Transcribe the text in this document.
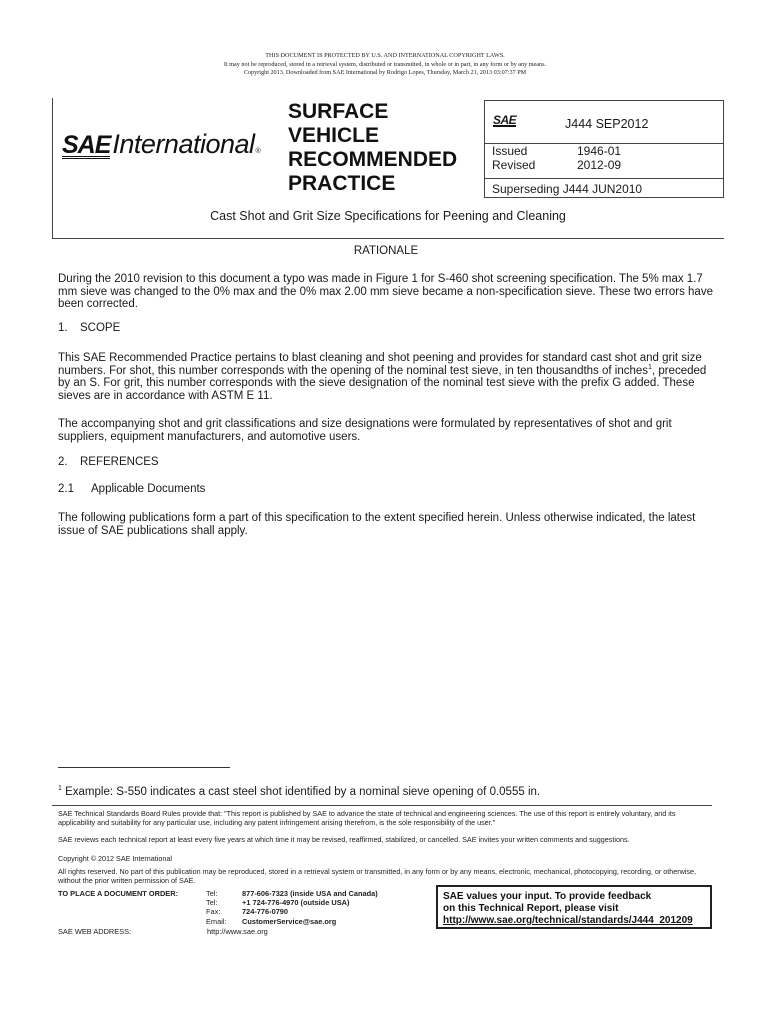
THIS DOCUMENT IS PROTECTED BY U.S. AND INTERNATIONAL COPYRIGHT LAWS.
It may not be reproduced, stored in a retrieval system, distributed or transmitted, in whole or in part, in any form or by any means.
Copyright 2013. Downloaded from SAE International by Rodrigo Lopes, Thursday, March 21, 2013 03:07:37 PM
SAE International ®
SURFACE
VEHICLE
RECOMMENDED
PRACTICE
SAE	J444 SEP2012
Issued	1946-01
Revised	2012-09
Superseding J444 JUN2010
Cast Shot and Grit Size Specifications for Peening and Cleaning
RATIONALE
During the 2010 revision to this document a typo was made in Figure 1 for S-460 shot screening specification. The 5% max 1.7 mm sieve was changed to the 0% max and the 0% max 2.00 mm sieve became a non-specification sieve. These two errors have been corrected.
1. SCOPE
This SAE Recommended Practice pertains to blast cleaning and shot peening and provides for standard cast shot and grit size numbers. For shot, this number corresponds with the opening of the nominal test sieve, in ten thousandths of inches$^1$, preceded by an S. For grit, this number corresponds with the sieve designation of the nominal test sieve with the prefix G added. These sieves are in accordance with ASTM E 11.
The accompanying shot and grit classifications and size designations were formulated by representatives of shot and grit suppliers, equipment manufacturers, and automotive users.
2. REFERENCES
2.1 Applicable Documents
The following publications form a part of this specification to the extent specified herein. Unless otherwise indicated, the latest issue of SAE publications shall apply.
$^1$ Example: S-550 indicates a cast steel shot identified by a nominal sieve opening of 0.0555 in.
SAE Technical Standards Board Rules provide that: "This report is published by SAE to advance the state of technical and engineering sciences. The use of this report is entirely voluntary, and its applicability and suitability for any particular use, including any patent infringement arising therefrom, is the sole responsibility of the user."
SAE reviews each technical report at least every five years at which time it may be revised, reaffirmed, stabilized, or cancelled. SAE invites your written comments and suggestions.
Copyright © 2012 SAE International
All rights reserved. No part of this publication may be reproduced, stored in a retrieval system or transmitted, in any form or by any means, electronic, mechanical, photocopying, recording, or otherwise, without the prior written permission of SAE.
TO PLACE A DOCUMENT ORDER:	Tel:	877-606-7323 (inside USA and Canada)
Tel:	+1 724-776-4970 (outside USA)
Fax:	724-776-0790
Email:	CustomerService@sae.org
SAE WEB ADDRESS:	http://www.sae.org
SAE values your input. To provide feedback
on this Technical Report, please visit
http://www.sae.org/technical/standards/J444_201209
